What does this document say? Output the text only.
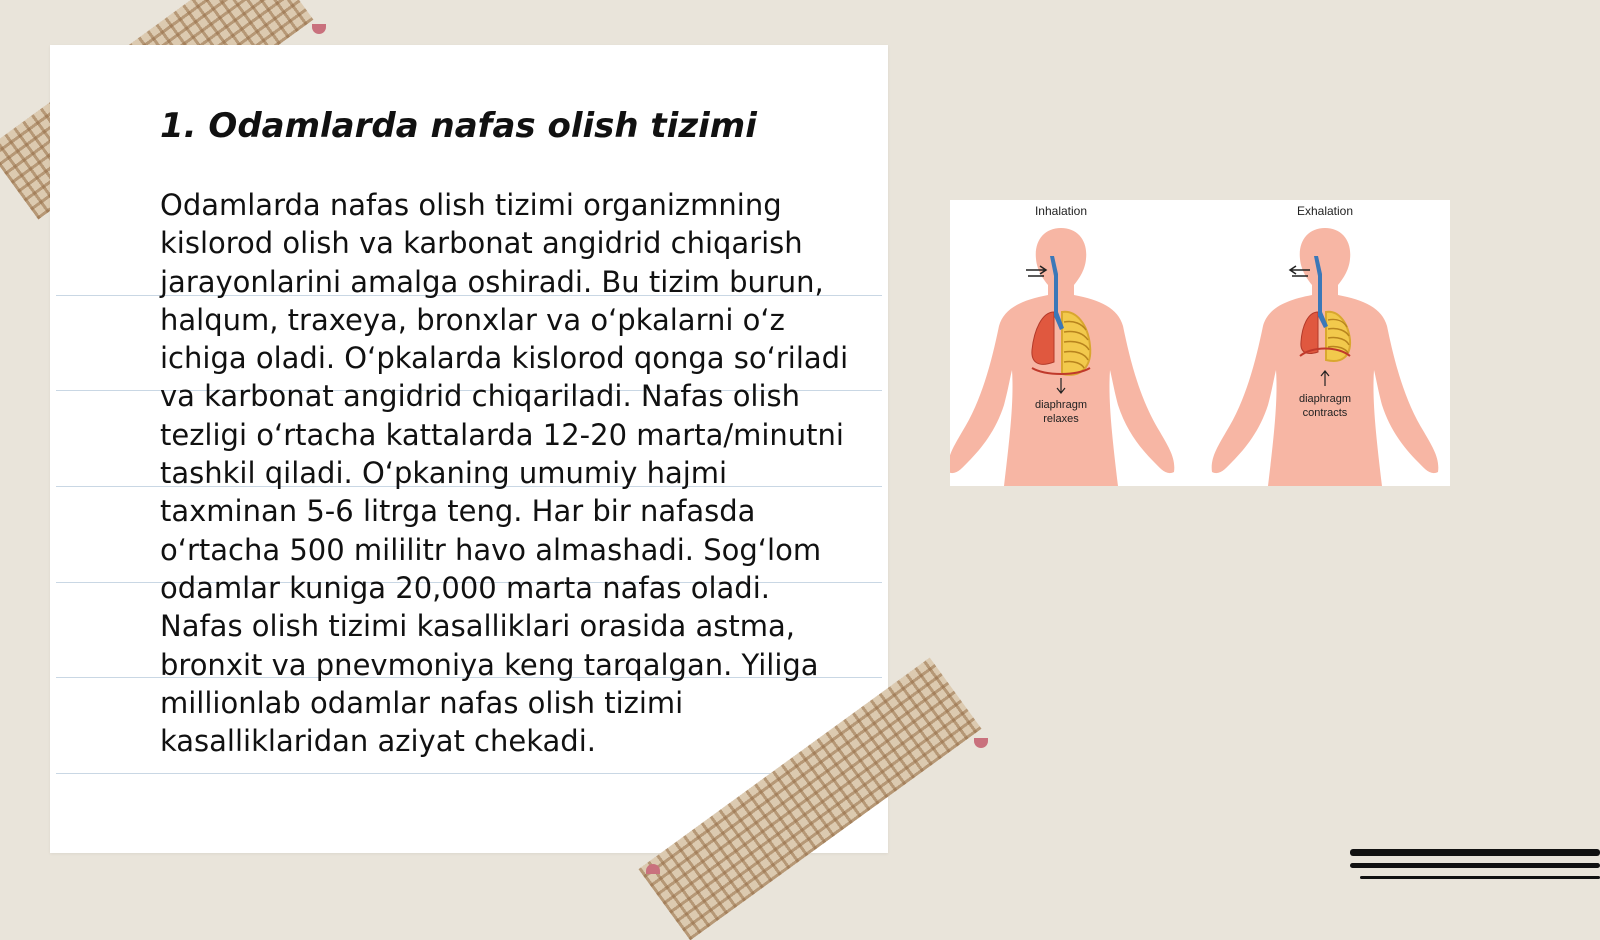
1. Odamlarda nafas olish tizimi

Odamlarda nafas olish tizimi organizmning kislorod olish va karbonat angidrid chiqarish jarayonlarini amalga oshiradi. Bu tizim burun, halqum, traxeya, bronxlar va o‘pkalarni o‘z ichiga oladi. O‘pkalarda kislorod qonga so‘riladi va karbonat angidrid chiqariladi. Nafas olish tezligi o‘rtacha kattalarda 12-20 marta/minutni tashkil qiladi. O‘pkaning umumiy hajmi taxminan 5-6 litrga teng. Har bir nafasda o‘rtacha 500 mililitr havo almashadi. Sog‘lom odamlar kuniga 20,000 marta nafas oladi. Nafas olish tizimi kasalliklari orasida astma, bronxit va pnevmoniya keng tarqalgan. Yiliga millionlab odamlar nafas olish tizimi kasalliklaridan aziyat chekadi.

Inhalation
diaphragm
relaxes
Exhalation
diaphragm
contracts
